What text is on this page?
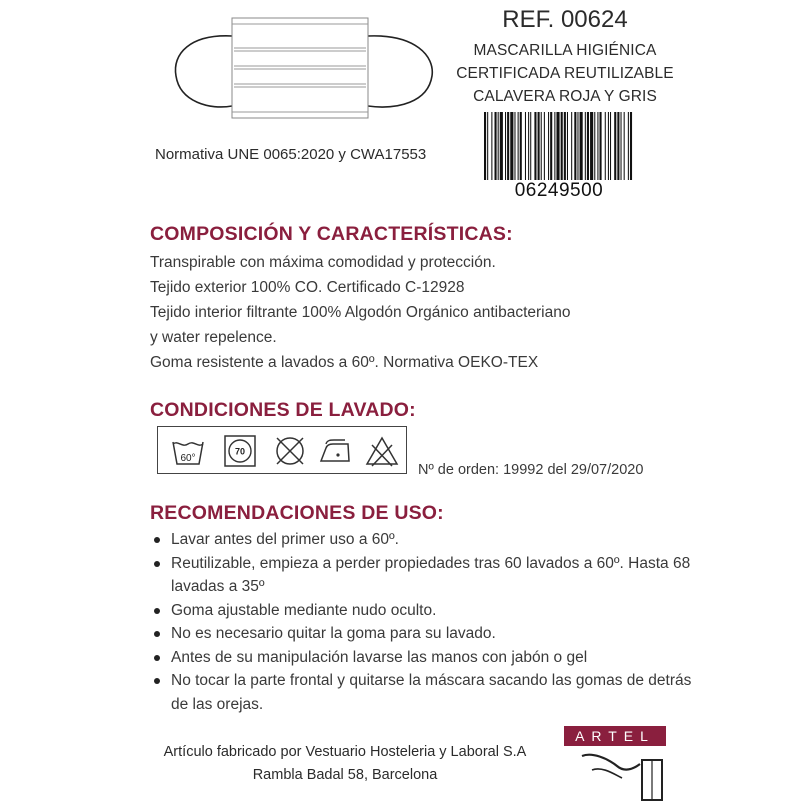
REF. 00624
MASCARILLA HIGIÉNICA
CERTIFICADA REUTILIZABLE
CALAVERA ROJA Y GRIS
06249500
Normativa UNE 0065:2020 y CWA17553
COMPOSICIÓN Y CARACTERÍSTICAS:
Transpirable con máxima comodidad y protección.
Tejido exterior 100% CO. Certificado C-12928
Tejido interior filtrante 100% Algodón Orgánico antibacteriano
y water repelence.
Goma resistente a lavados a 60º. Normativa OEKO-TEX
CONDICIONES DE LAVADO:
60°
70
Nº de orden: 19992 del 29/07/2020
RECOMENDACIONES DE USO:
Lavar antes del primer uso a 60º.
Reutilizable, empieza a perder propiedades tras 60 lavados a 60º. Hasta 68 lavadas a 35º
Goma ajustable mediante nudo oculto.
No es necesario quitar la goma para su lavado.
Antes de su manipulación lavarse las manos con jabón o gel
No tocar la parte frontal y quitarse la máscara sacando las gomas de detrás de las orejas.
Artículo fabricado por Vestuario Hosteleria y Laboral S.A
Rambla Badal 58, Barcelona
ARTEL
